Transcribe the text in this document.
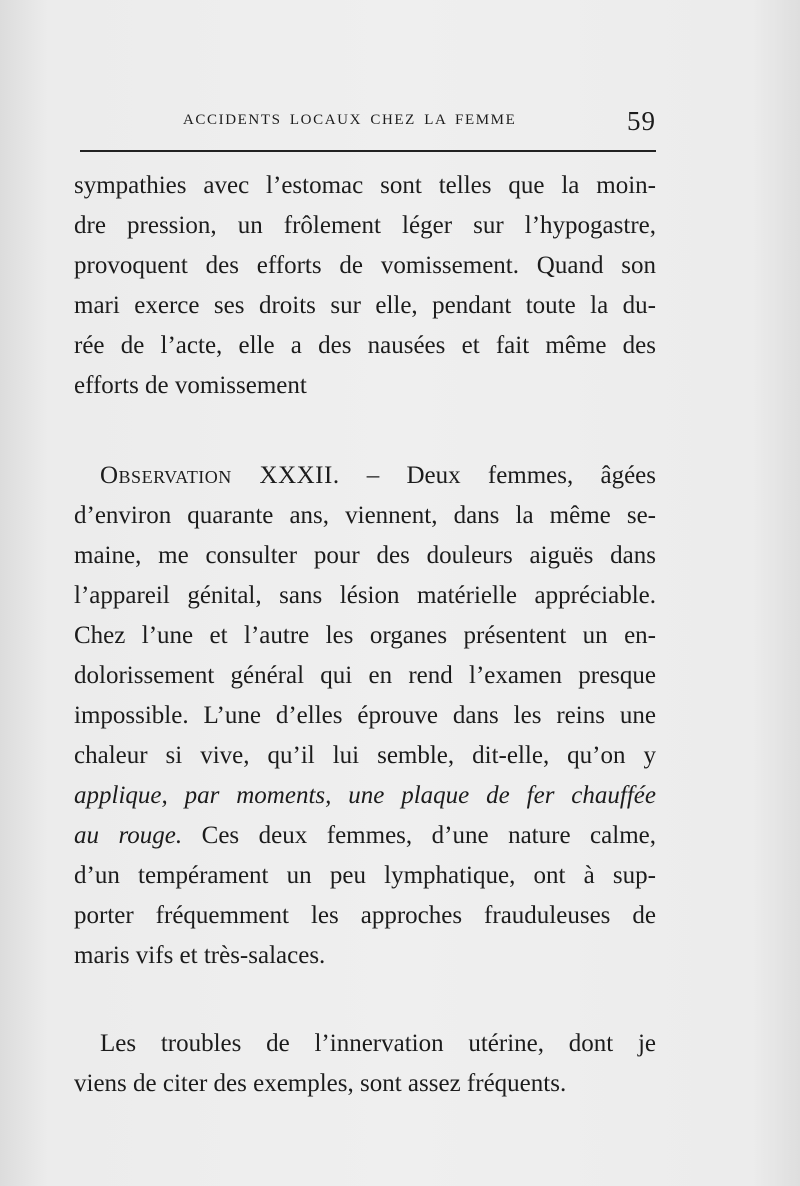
ACCIDENTS LOCAUX CHEZ LA FEMME	59

sympathies avec l’estomac sont telles que la moin-
dre pression, un frôlement léger sur l’hypogastre,
provoquent des efforts de vomissement. Quand son
mari exerce ses droits sur elle, pendant toute la du-
rée de l’acte, elle a des nausées et fait même des
efforts de vomissement

Observation XXXII. – Deux femmes, âgées
d’environ quarante ans, viennent, dans la même se-
maine, me consulter pour des douleurs aiguës dans
l’appareil génital, sans lésion matérielle appréciable.
Chez l’une et l’autre les organes présentent un en-
dolorissement général qui en rend l’examen presque
impossible. L’une d’elles éprouve dans les reins une
chaleur si vive, qu’il lui semble, dit-elle, qu’on y
applique, par moments, une plaque de fer chauffée
au rouge. Ces deux femmes, d’une nature calme,
d’un tempérament un peu lymphatique, ont à sup-
porter fréquemment les approches frauduleuses de
maris vifs et très-salaces.

Les troubles de l’innervation utérine, dont je
viens de citer des exemples, sont assez fréquents.
